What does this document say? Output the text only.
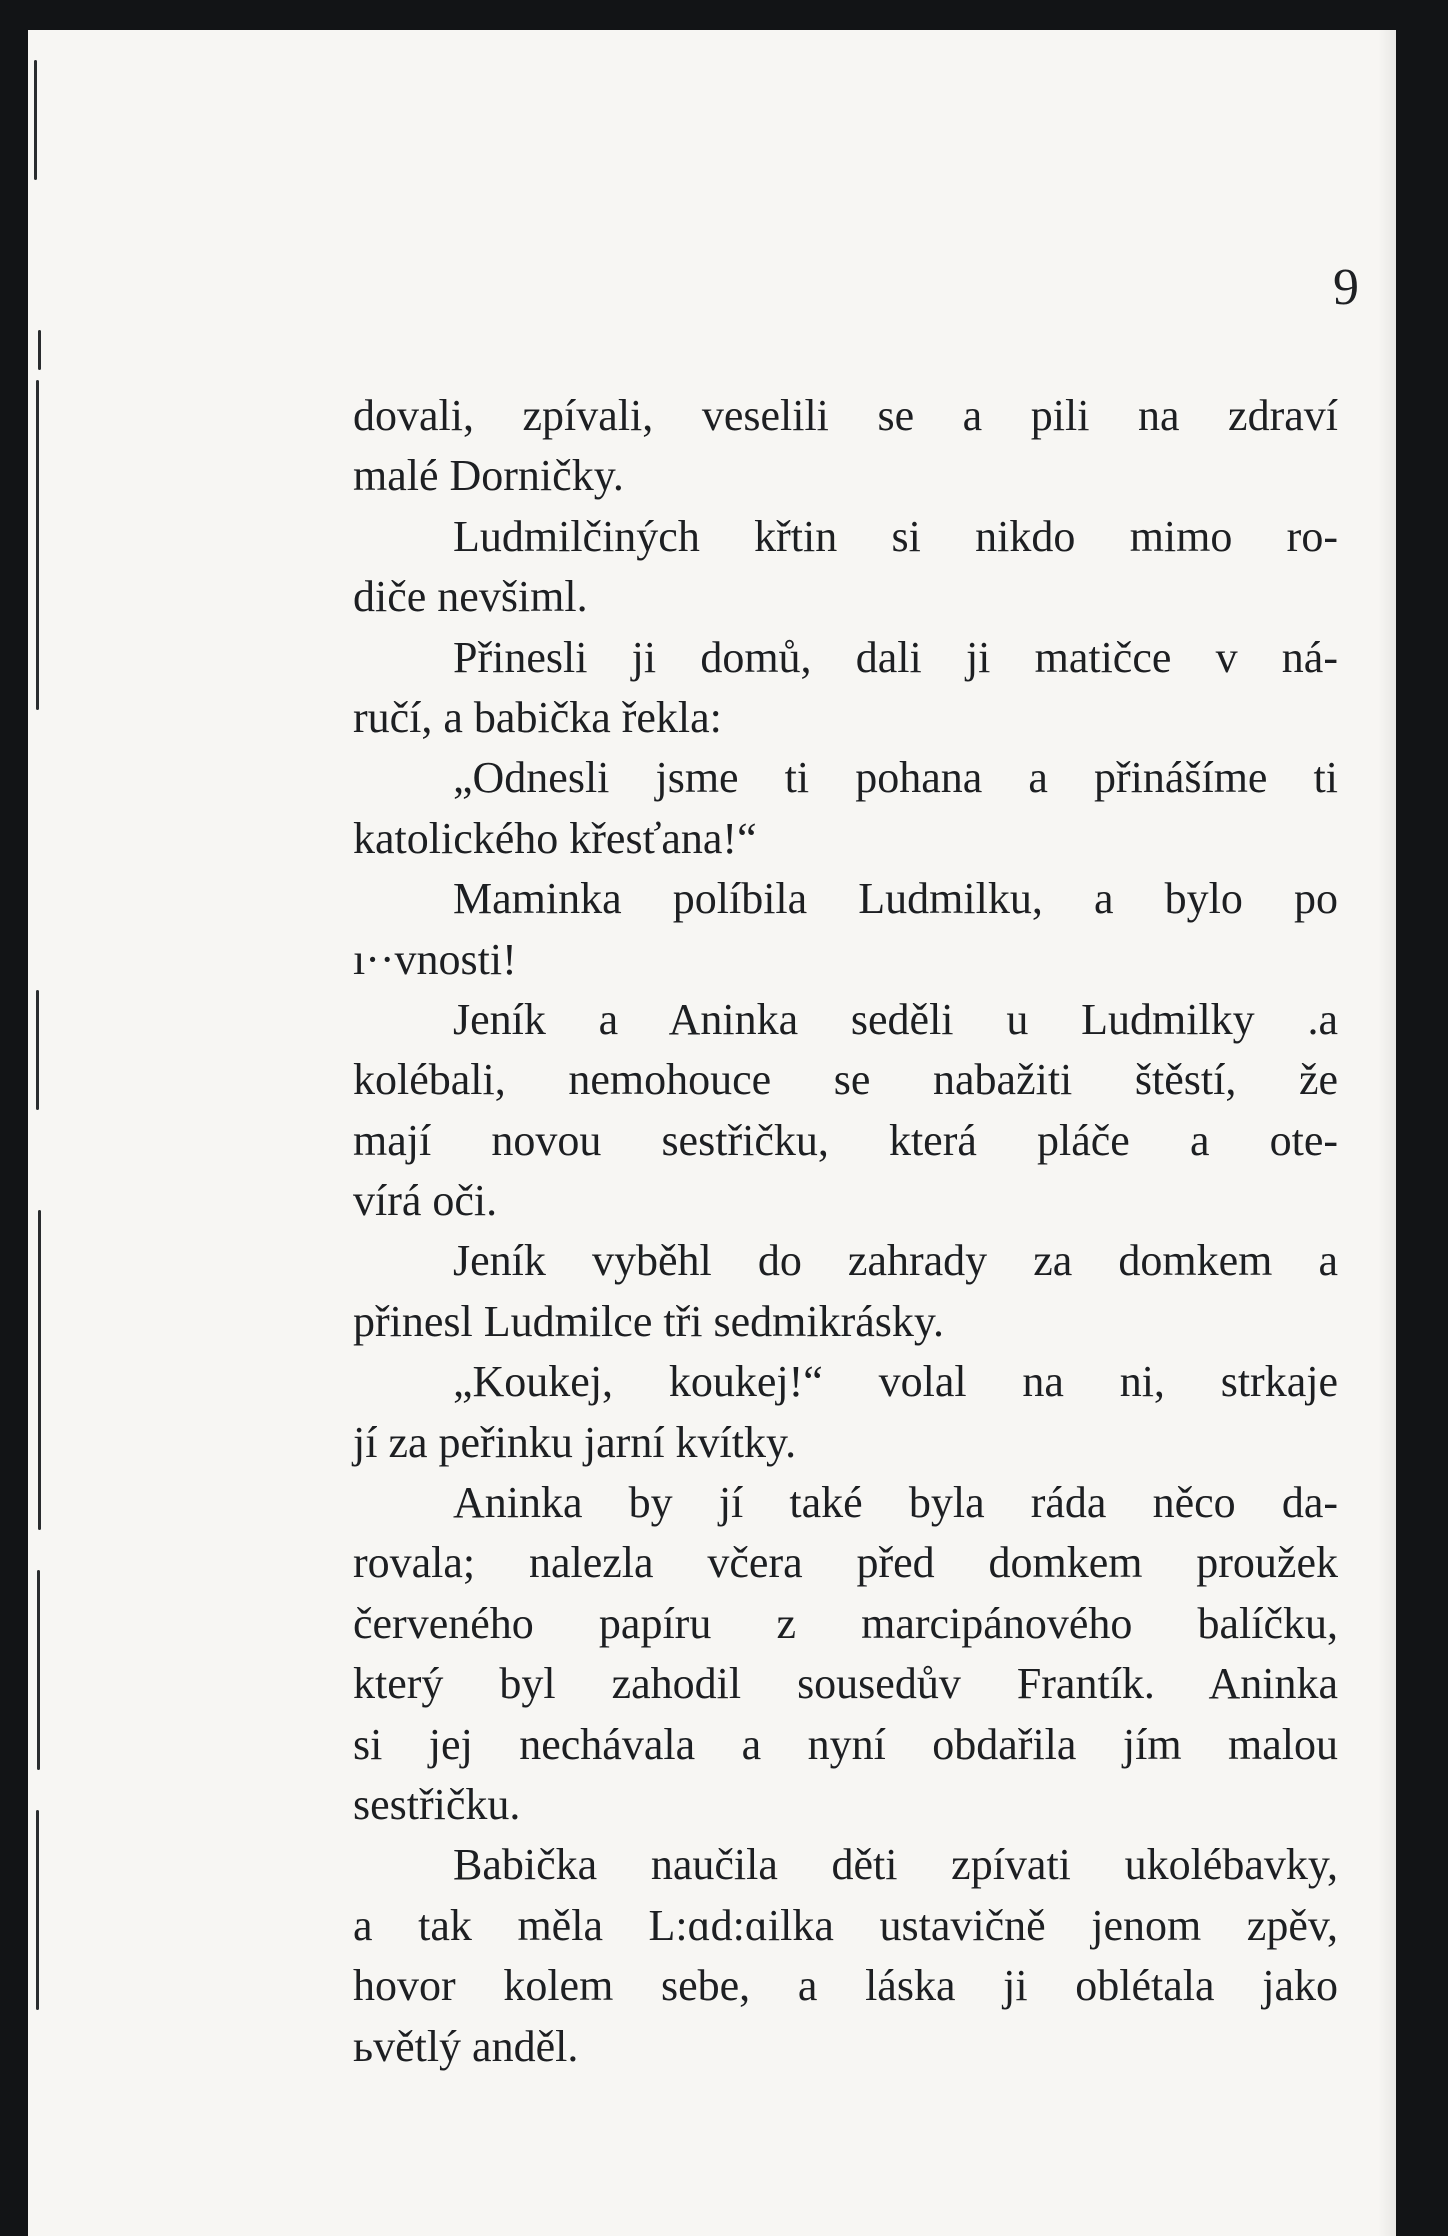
9
dovali, zpívali, veselili se a pili na zdraví
malé Dorničky.
Ludmilčiných křtin si nikdo mimo ro-
diče nevšiml.
Přinesli ji domů, dali ji matičce v ná-
ručí, a babička řekla:
„Odnesli jsme ti pohana a přinášíme ti
katolického křesťana!“
Maminka políbila Ludmilku, a bylo po
ı··vnosti!
Jeník a Aninka seděli u Ludmilky .a
kolébali, nemohouce se nabažiti štěstí, že
mají novou sestřičku, která pláče a ote-
vírá oči.
Jeník vyběhl do zahrady za domkem a
přinesl Ludmilce tři sedmikrásky.
„Koukej, koukej!“ volal na ni, strkaje
jí za peřinku jarní kvítky.
Aninka by jí také byla ráda něco da-
rovala; nalezla včera před domkem proužek
červeného papíru z marcipánového balíčku,
který byl zahodil sousedův Frantík. Aninka
si jej nechávala a nyní obdařila jím malou
sestřičku.
Babička naučila děti zpívati ukolébavky,
a tak měla L:ɑd:ɑilka ustavičně jenom zpěv,
hovor kolem sebe, a láska ji oblétala jako
ьvětlý anděl.
